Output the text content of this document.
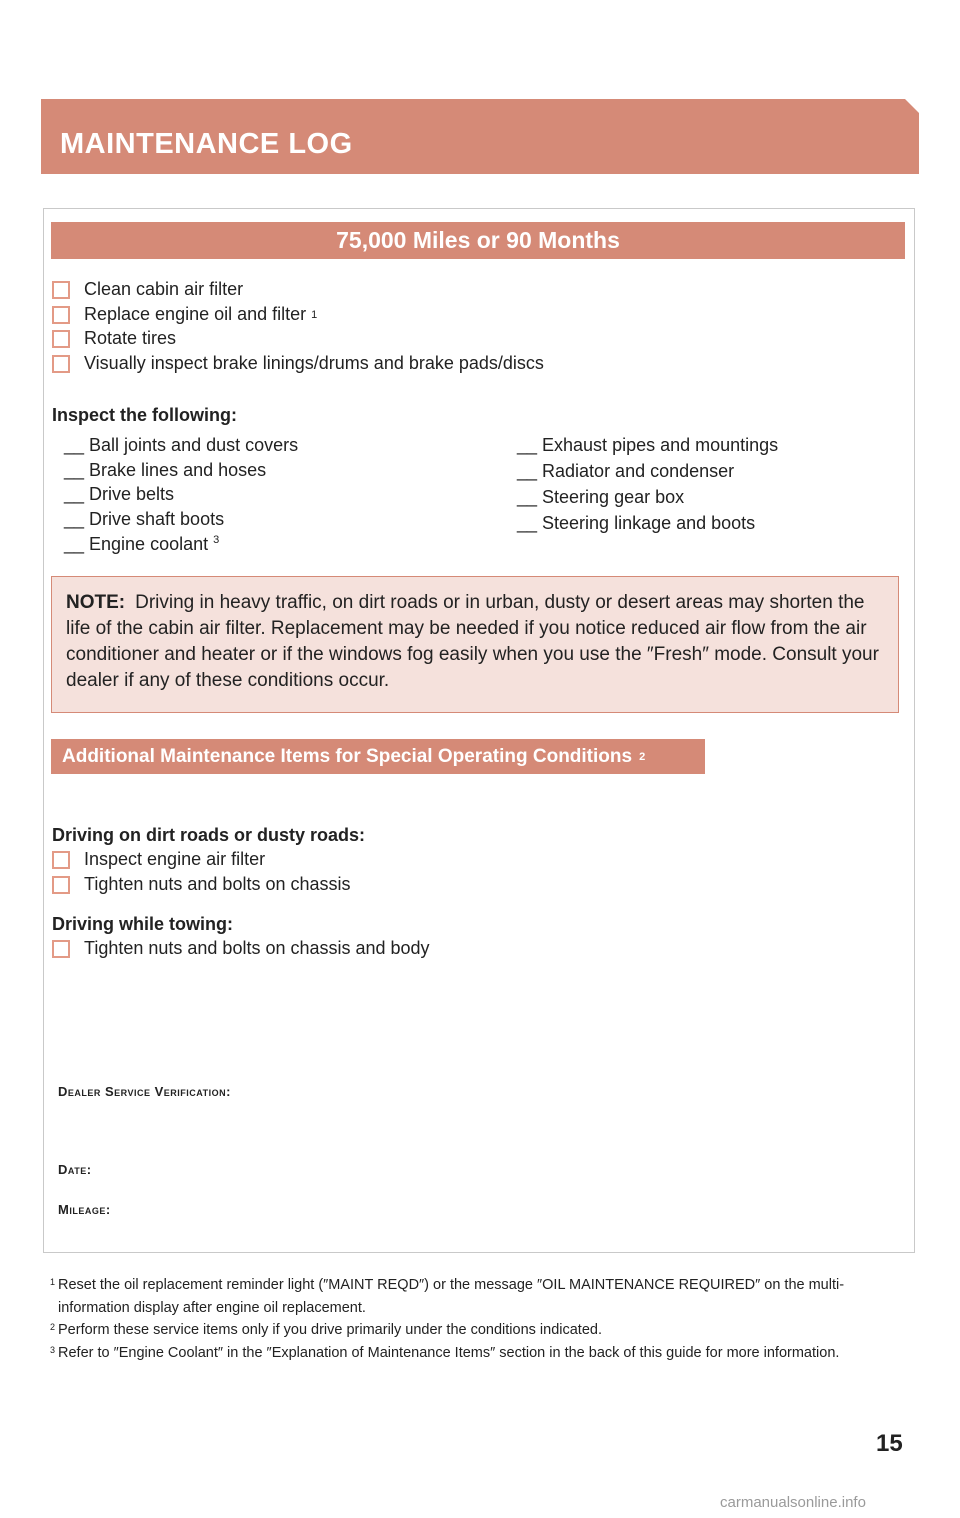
MAINTENANCE LOG
75,000 Miles or 90 Months
Clean cabin air filter
Replace engine oil and filter 1
Rotate tires
Visually inspect brake linings/drums and brake pads/discs
Inspect the following:
__ Ball joints and dust covers
__ Brake lines and hoses
__ Drive belts
__ Drive shaft boots
__ Engine coolant $^3$
__ Exhaust pipes and mountings
__ Radiator and condenser
__ Steering gear box
__ Steering linkage and boots
NOTE: Driving in heavy traffic, on dirt roads or in urban, dusty or desert areas may shorten the life of the cabin air filter. Replacement may be needed if you notice reduced air flow from the air conditioner and heater or if the windows fog easily when you use the ″Fresh″ mode. Consult your dealer if any of these conditions occur.
Additional Maintenance Items for Special Operating Conditions 2
Driving on dirt roads or dusty roads:
Inspect engine air filter
Tighten nuts and bolts on chassis
Driving while towing:
Tighten nuts and bolts on chassis and body
Dealer Service Verification:
Date:
Mileage:
1 Reset the oil replacement reminder light (″MAINT REQD″) or the message ″OIL MAINTENANCE REQUIRED″ on the multi-information display after engine oil replacement.
2 Perform these service items only if you drive primarily under the conditions indicated.
3 Refer to ″Engine Coolant″ in the ″Explanation of Maintenance Items″ section in the back of this guide for more information.
15
carmanualsonline.info
